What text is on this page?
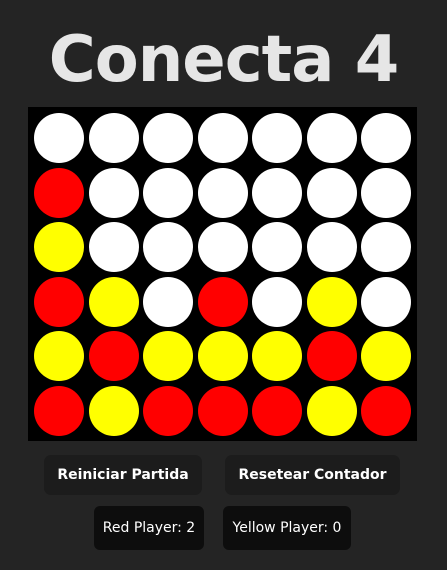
Conecta 4
Reiniciar Partida	Resetear Contador
Red Player: 2	Yellow Player: 0
